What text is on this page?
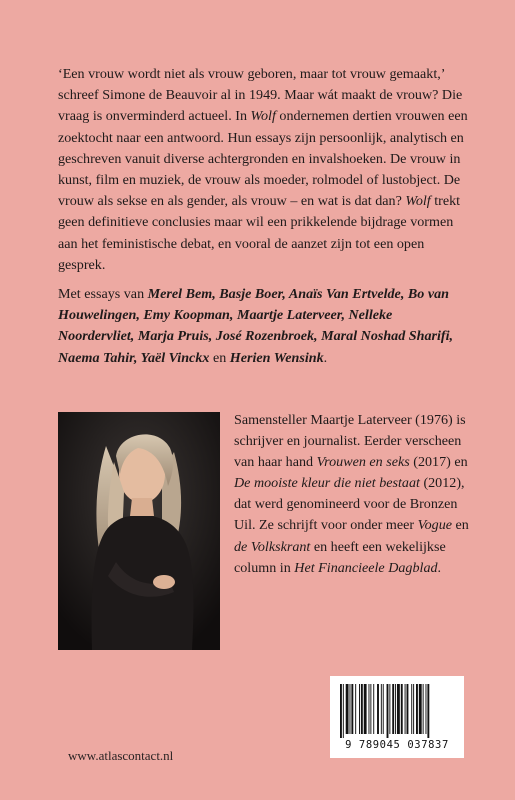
‘Een vrouw wordt niet als vrouw geboren, maar tot vrouw gemaakt,’ schreef Simone de Beauvoir al in 1949. Maar wát maakt de vrouw? Die vraag is onverminderd actueel. In Wolf ondernemen dertien vrouwen een zoektocht naar een antwoord. Hun essays zijn persoonlijk, analytisch en geschreven vanuit diverse achtergronden en invalshoeken. De vrouw in kunst, film en muziek, de vrouw als moeder, rolmodel of lustobject. De vrouw als sekse en als gender, als vrouw – en wat is dat dan? Wolf trekt geen definitieve conclusies maar wil een prikkelende bijdrage vormen aan het feministische debat, en vooral de aanzet zijn tot een open gesprek.

Met essays van Merel Bem, Basje Boer, Anaïs Van Ertvelde, Bo van Houwelingen, Emy Koopman, Maartje Laterveer, Nelleke Noordervliet, Marja Pruis, José Rozenbroek, Maral Noshad Sharifi, Naema Tahir, Yaël Vinckx en Herien Wensink.

Samensteller Maartje Laterveer (1976) is schrijver en journalist. Eerder verscheen van haar hand Vrouwen en seks (2017) en De mooiste kleur die niet bestaat (2012), dat werd genomineerd voor de Bronzen Uil. Ze schrijft voor onder meer Vogue en de Volkskrant en heeft een wekelijkse column in Het Financieele Dagblad.

9 789045 037837
www.atlascontact.nl
